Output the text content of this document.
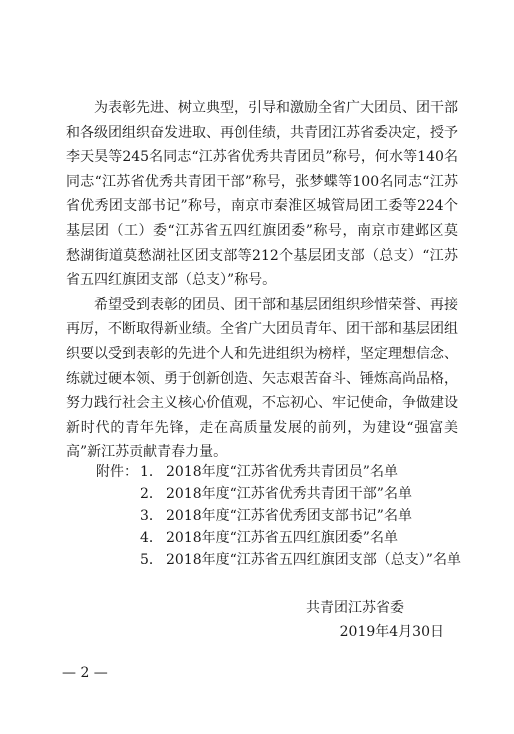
为表彰先进、树立典型，引导和激励全省广大团员、团干部和各级团组织奋发进取、再创佳绩，共青团江苏省委决定，授予李天昊等245名同志“江苏省优秀共青团员”称号，何水等140名同志“江苏省优秀共青团干部”称号，张梦蝶等100名同志“江苏省优秀团支部书记”称号，南京市秦淮区城管局团工委等224个基层团（工）委“江苏省五四红旗团委”称号，南京市建邺区莫愁湖街道莫愁湖社区团支部等212个基层团支部（总支）“江苏省五四红旗团支部（总支）”称号。

希望受到表彰的团员、团干部和基层团组织珍惜荣誉、再接再厉，不断取得新业绩。全省广大团员青年、团干部和基层团组织要以受到表彰的先进个人和先进组织为榜样，坚定理想信念、练就过硬本领、勇于创新创造、矢志艰苦奋斗、锤炼高尚品格，努力践行社会主义核心价值观，不忘初心、牢记使命，争做建设新时代的青年先锋，走在高质量发展的前列，为建设“强富美高”新江苏贡献青春力量。

附件： 1． 2018年度“江苏省优秀共青团员”名单
2． 2018年度“江苏省优秀共青团干部”名单
3． 2018年度“江苏省优秀团支部书记”名单
4． 2018年度“江苏省五四红旗团委”名单
5． 2018年度“江苏省五四红旗团支部（总支）”名单
共青团江苏省委
2019年4月30日
— 2 —
